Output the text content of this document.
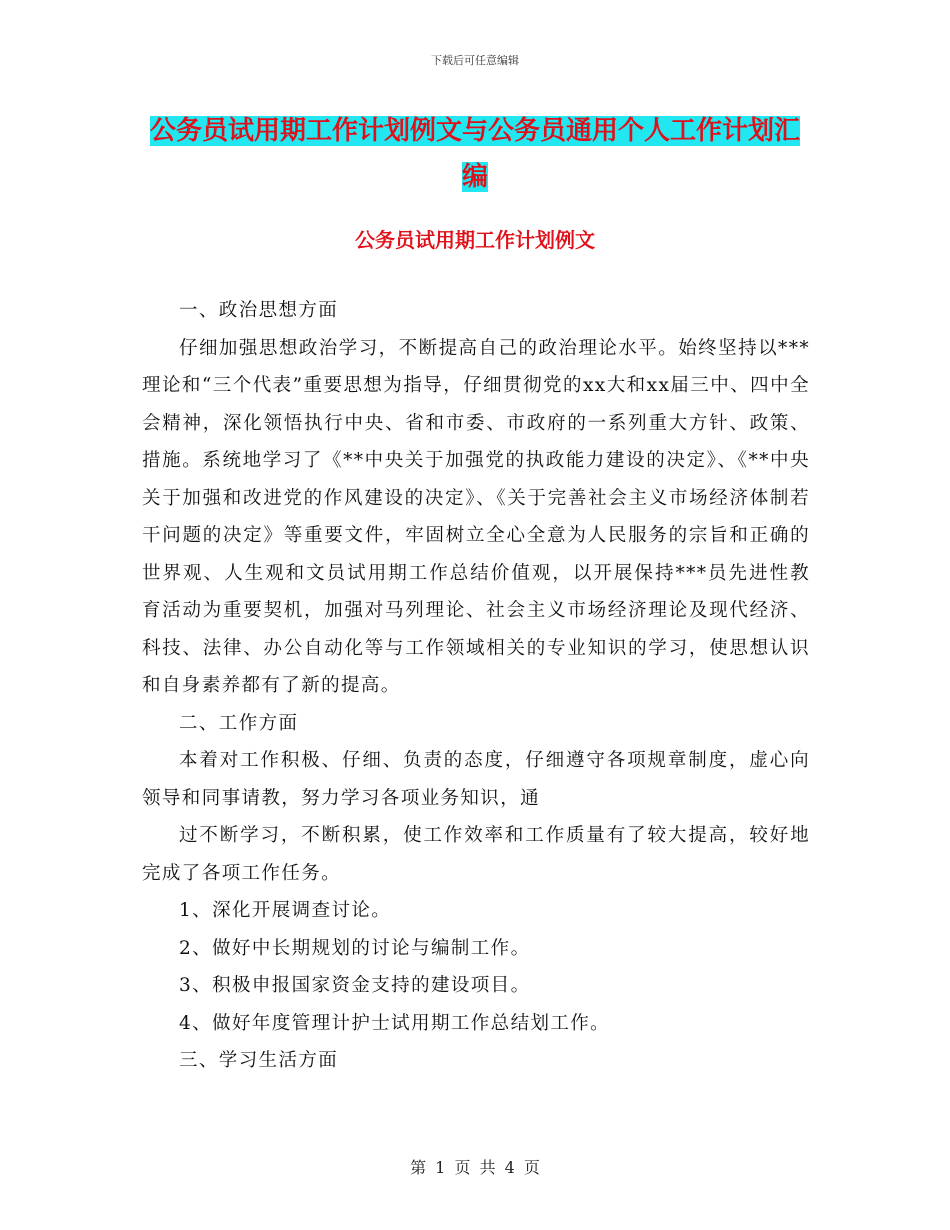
下载后可任意编辑
公务员试用期工作计划例文与公务员通用个人工作计划汇编
公务员试用期工作计划例文

一、政治思想方面

仔细加强思想政治学习，不断提高自己的政治理论水平。始终坚持以***理论和“三个代表”重要思想为指导，仔细贯彻党的xx大和xx届三中、四中全会精神，深化领悟执行中央、省和市委、市政府的一系列重大方针、政策、措施。系统地学习了《**中央关于加强党的执政能力建设的决定》、《**中央关于加强和改进党的作风建设的决定》、《关于完善社会主义市场经济体制若干问题的决定》等重要文件，牢固树立全心全意为人民服务的宗旨和正确的世界观、人生观和文员试用期工作总结价值观，以开展保持***员先进性教育活动为重要契机，加强对马列理论、社会主义市场经济理论及现代经济、科技、法律、办公自动化等与工作领域相关的专业知识的学习，使思想认识和自身素养都有了新的提高。

二、工作方面

本着对工作积极、仔细、负责的态度，仔细遵守各项规章制度，虚心向领导和同事请教，努力学习各项业务知识，通

过不断学习，不断积累，使工作效率和工作质量有了较大提高，较好地完成了各项工作任务。

1、深化开展调查讨论。

2、做好中长期规划的讨论与编制工作。

3、积极申报国家资金支持的建设项目。

4、做好年度管理计护士试用期工作总结划工作。

三、学习生活方面

第 1 页 共 4 页
